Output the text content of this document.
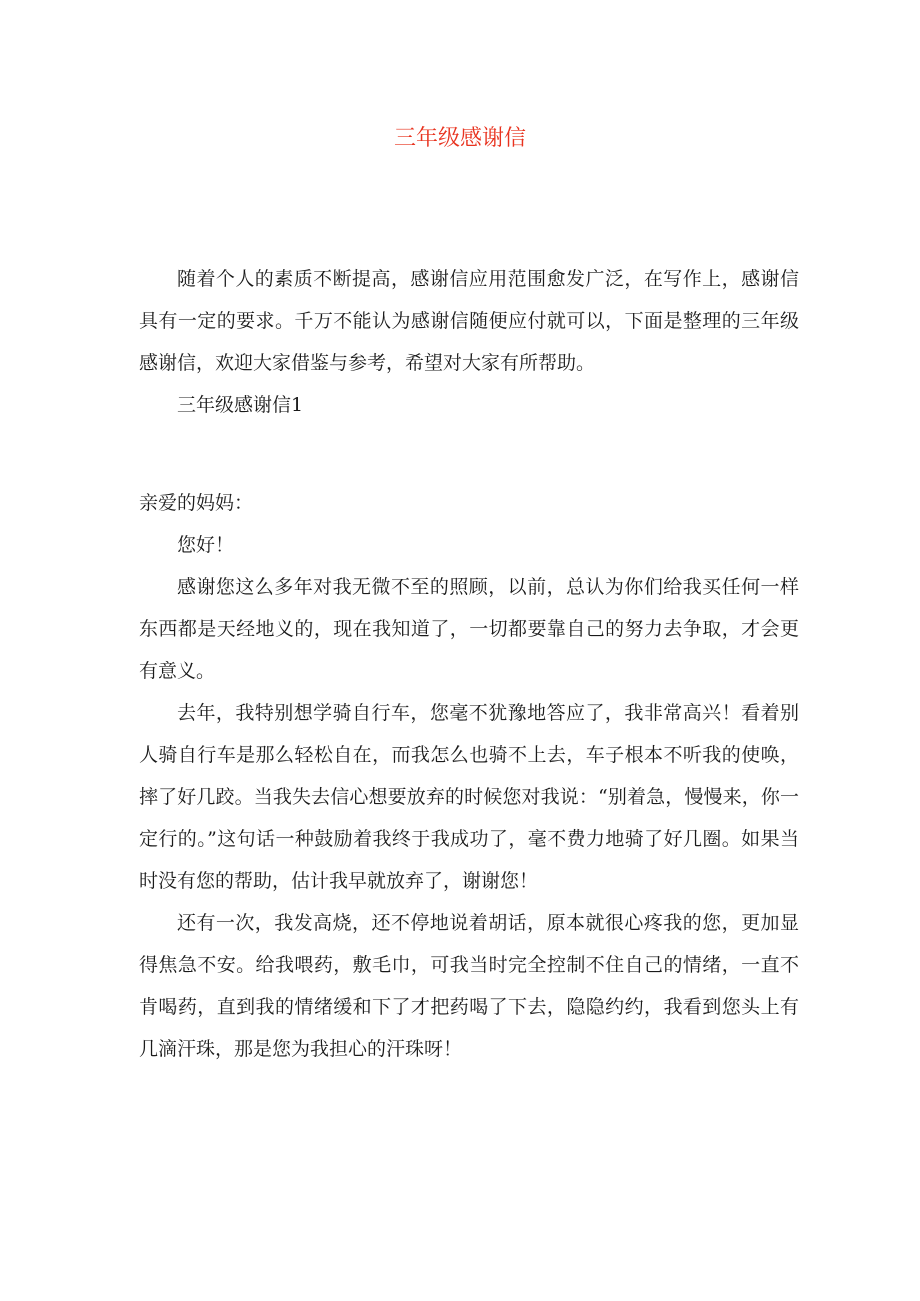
三年级感谢信

随着个人的素质不断提高，感谢信应用范围愈发广泛，在写作上，感谢信具有一定的要求。千万不能认为感谢信随便应付就可以，下面是整理的三年级感谢信，欢迎大家借鉴与参考，希望对大家有所帮助。

三年级感谢信1

亲爱的妈妈：

您好！

感谢您这么多年对我无微不至的照顾，以前，总认为你们给我买任何一样东西都是天经地义的，现在我知道了，一切都要靠自己的努力去争取，才会更有意义。

去年，我特别想学骑自行车，您毫不犹豫地答应了，我非常高兴！看着别人骑自行车是那么轻松自在，而我怎么也骑不上去，车子根本不听我的使唤，摔了好几跤。当我失去信心想要放弃的时候您对我说：“别着急，慢慢来，你一定行的。”这句话一种鼓励着我终于我成功了，毫不费力地骑了好几圈。如果当时没有您的帮助，估计我早就放弃了，谢谢您！

还有一次，我发高烧，还不停地说着胡话，原本就很心疼我的您，更加显得焦急不安。给我喂药，敷毛巾，可我当时完全控制不住自己的情绪，一直不肯喝药，直到我的情绪缓和下了才把药喝了下去，隐隐约约，我看到您头上有几滴汗珠，那是您为我担心的汗珠呀！
